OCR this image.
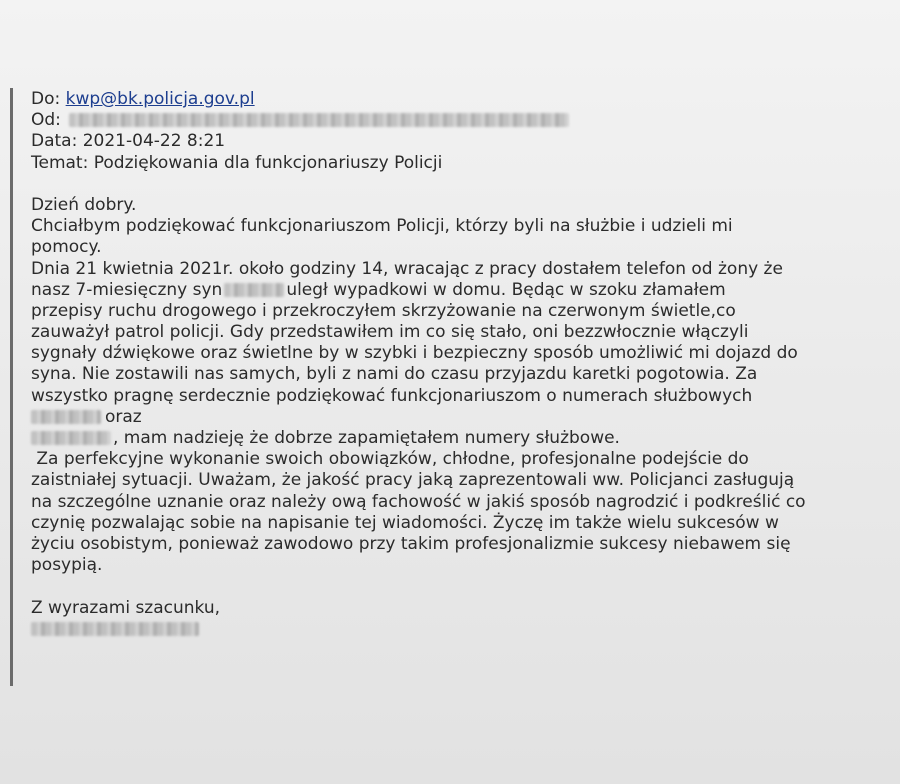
Do: kwp@bk.policja.gov.pl
Od:
Data: 2021-04-22 8:21
Temat: Podziękowania dla funkcjonariuszy Policji
Dzień dobry.
Chciałbym podziękować funkcjonariuszom Policji, którzy byli na służbie i udzieli mi
pomocy.
Dnia 21 kwietnia 2021r. około godziny 14, wracając z pracy dostałem telefon od żony że
nasz 7-miesięczny syn	uległ wypadkowi w domu. Będąc w szoku złamałem
przepisy ruchu drogowego i przekroczyłem skrzyżowanie na czerwonym świetle,co
zauważył patrol policji. Gdy przedstawiłem im co się stało, oni bezzwłocznie włączyli
sygnały dźwiękowe oraz świetlne by w szybki i bezpieczny sposób umożliwić mi dojazd do
syna. Nie zostawili nas samych, byli z nami do czasu przyjazdu karetki pogotowia. Za
wszystko pragnę serdecznie podziękować funkcjonariuszom o numerach służbowych
oraz
, mam nadzieję że dobrze zapamiętałem numery służbowe.
Za perfekcyjne wykonanie swoich obowiązków, chłodne, profesjonalne podejście do
zaistniałej sytuacji. Uważam, że jakość pracy jaką zaprezentowali ww. Policjanci zasługują
na szczególne uznanie oraz należy ową fachowość w jakiś sposób nagrodzić i podkreślić co
czynię pozwalając sobie na napisanie tej wiadomości. Życzę im także wielu sukcesów w
życiu osobistym, ponieważ zawodowo przy takim profesjonalizmie sukcesy niebawem się
posypią.
Z wyrazami szacunku,
